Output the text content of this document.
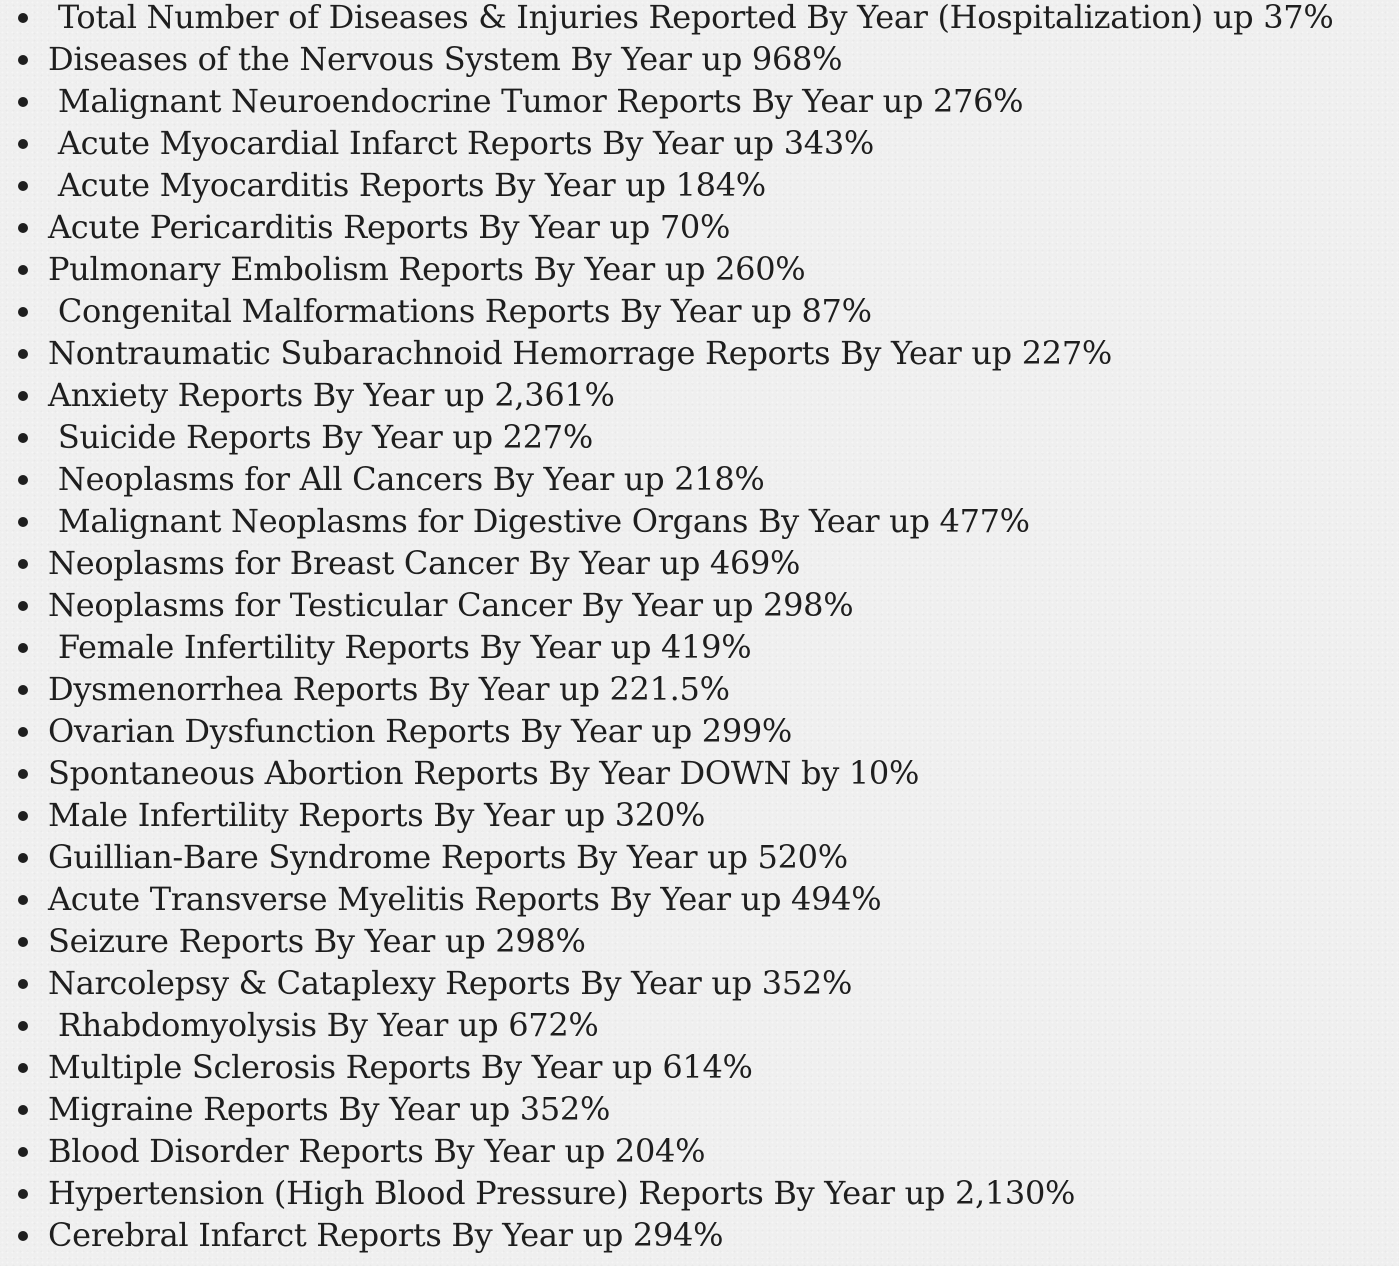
Total Number of Diseases & Injuries Reported By Year (Hospitalization) up 37%
Diseases of the Nervous System By Year up 968%
Malignant Neuroendocrine Tumor Reports By Year up 276%
Acute Myocardial Infarct Reports By Year up 343%
Acute Myocarditis Reports By Year up 184%
Acute Pericarditis Reports By Year up 70%
Pulmonary Embolism Reports By Year up 260%
Congenital Malformations Reports By Year up 87%
Nontraumatic Subarachnoid Hemorrage Reports By Year up 227%
Anxiety Reports By Year up 2,361%
Suicide Reports By Year up 227%
Neoplasms for All Cancers By Year up 218%
Malignant Neoplasms for Digestive Organs By Year up 477%
Neoplasms for Breast Cancer By Year up 469%
Neoplasms for Testicular Cancer By Year up 298%
Female Infertility Reports By Year up 419%
Dysmenorrhea Reports By Year up 221.5%
Ovarian Dysfunction Reports By Year up 299%
Spontaneous Abortion Reports By Year DOWN by 10%
Male Infertility Reports By Year up 320%
Guillian-Bare Syndrome Reports By Year up 520%
Acute Transverse Myelitis Reports By Year up 494%
Seizure Reports By Year up 298%
Narcolepsy & Cataplexy Reports By Year up 352%
Rhabdomyolysis By Year up 672%
Multiple Sclerosis Reports By Year up 614%
Migraine Reports By Year up 352%
Blood Disorder Reports By Year up 204%
Hypertension (High Blood Pressure) Reports By Year up 2,130%
Cerebral Infarct Reports By Year up 294%
